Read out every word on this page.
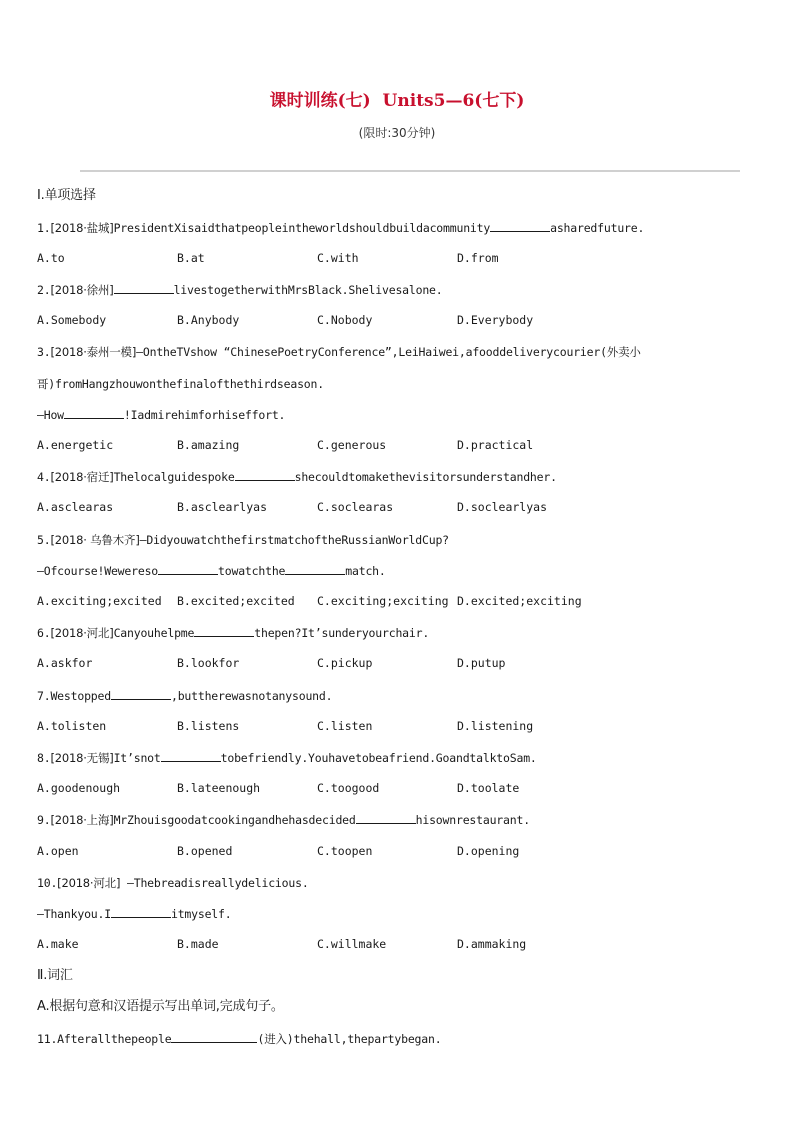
课时训练(七)  Units5—6(七下)
(限时:30分钟)
Ⅰ.单项选择
1.[2018·盐城]PresidentXisaidthatpeopleintheworldshouldbuildacommunity	asharedfuture.
A.to	B.at	C.with	D.from
2.[2018·徐州]	livestogetherwithMrsBlack.Shelivesalone.
A.Somebody	B.Anybody	C.Nobody	D.Everybody
3.[2018·泰州一模]—OntheTVshow “ChinesePoetryConference”,LeiHaiwei,afooddeliverycourier(外卖小
哥)fromHangzhouwonthefinalofthethirdseason.
—How	!Iadmirehimforhiseffort.
A.energetic	B.amazing	C.generous	D.practical
4.[2018·宿迁]Thelocalguidespoke	shecouldtomakethevisitorsunderstandher.
A.asclearas	B.asclearlyas	C.soclearas	D.soclearlyas
5.[2018· 乌鲁木齐]—DidyouwatchthefirstmatchoftheRussianWorldCup?
—Ofcourse!Wewereso	towatchthe	match.
A.exciting;excited B.excited;excited C.exciting;exciting D.excited;exciting
6.[2018·河北]Canyouhelpme	thepen?It’sunderyourchair.
A.askfor	B.lookfor	C.pickup	D.putup
7.Westopped	,buttherewasnotanysound.
A.tolisten	B.listens	C.listen	D.listening
8.[2018·无锡]It’snot	tobefriendly.Youhavetobeafriend.GoandtalktoSam.
A.goodenough	B.lateenough	C.toogood	D.toolate
9.[2018·上海]MrZhouisgoodatcookingandhehasdecided	hisownrestaurant.
A.open	B.opened	C.toopen	D.opening
10.[2018·河北] —Thebreadisreallydelicious.
—Thankyou.I	itmyself.
A.make	B.made	C.willmake	D.ammaking
Ⅱ.词汇
A.根据句意和汉语提示写出单词,完成句子。
11.Afterallthepeople	(进入)thehall,thepartybegan.
